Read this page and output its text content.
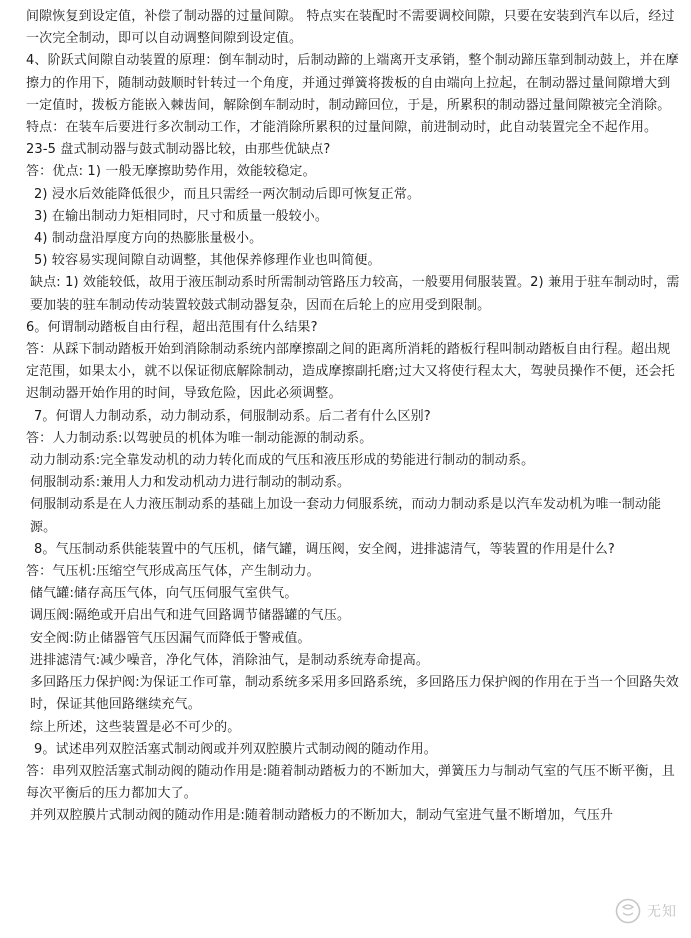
间隙恢复到设定值，补偿了制动器的过量间隙。 特点实在装配时不需要调校间隙，只要在安装到汽车以后，经过一次完全制动，即可以自动调整间隙到设定值。

4、阶跃式间隙自动装置的原理：倒车制动时，后制动蹄的上端离开支承销，整个制动蹄压靠到制动鼓上，并在摩擦力的作用下，随制动鼓顺时针转过一个角度，并通过弹簧将拨板的自由端向上拉起，在制动器过量间隙增大到一定值时，拨板方能嵌入棘齿间，解除倒车制动时，制动蹄回位，于是，所累积的制动器过量间隙被完全消除。 特点：在装车后要进行多次制动工作，才能消除所累积的过量间隙，前进制动时，此自动装置完全不起作用。

23-5 盘式制动器与鼓式制动器比较，由那些优缺点?

答：优点: 1) 一般无摩擦助势作用，效能较稳定。

2) 浸水后效能降低很少，而且只需经一两次制动后即可恢复正常。

3) 在输出制动力矩相同时，尺寸和质量一般较小。

4) 制动盘沿厚度方向的热膨胀量极小。

5) 较容易实现间隙自动调整，其他保养修理作业也叫简便。

缺点: 1) 效能较低，故用于液压制动系时所需制动管路压力较高，一般要用伺服装置。2) 兼用于驻车制动时，需要加装的驻车制动传动装置较鼓式制动器复杂，因而在后轮上的应用受到限制。

6。何谓制动踏板自由行程，超出范围有什么结果?

答：从踩下制动踏板开始到消除制动系统内部摩擦副之间的距离所消耗的踏板行程叫制动踏板自由行程。超出规定范围，如果太小，就不以保证彻底解除制动，造成摩擦副托磨;过大又将使行程太大，驾驶员操作不便，还会托迟制动器开始作用的时间，导致危险，因此必须调整。

7。何谓人力制动系，动力制动系，伺服制动系。后二者有什么区别?

答：人力制动系:以驾驶员的机体为唯一制动能源的制动系。

动力制动系:完全靠发动机的动力转化而成的气压和液压形成的势能进行制动的制动系。

伺服制动系:兼用人力和发动机动力进行制动的制动系。

伺服制动系是在人力液压制动系的基础上加设一套动力伺服系统，而动力制动系是以汽车发动机为唯一制动能源。

8。气压制动系供能装置中的气压机，储气罐，调压阀，安全阀，进排滤清气，等装置的作用是什么?

答：气压机:压缩空气形成高压气体，产生制动力。

储气罐:储存高压气体，向气压伺服气室供气。

调压阀:隔绝或开启出气和进气回路调节储器罐的气压。

安全阀:防止储器管气压因漏气而降低于警戒值。

进排滤清气:减少噪音，净化气体，消除油气，是制动系统寿命提高。

多回路压力保护阀:为保证工作可靠，制动系统多采用多回路系统，多回路压力保护阀的作用在于当一个回路失效时，保证其他回路继续充气。

综上所述，这些装置是必不可少的。

9。试述串列双腔活塞式制动阀或并列双腔膜片式制动阀的随动作用。

答：串列双腔活塞式制动阀的随动作用是:随着制动踏板力的不断加大，弹簧压力与制动气室的气压不断平衡，且每次平衡后的压力都加大了。

并列双腔膜片式制动阀的随动作用是:随着制动踏板力的不断加大，制动气室进气量不断增加，气压升

无知
